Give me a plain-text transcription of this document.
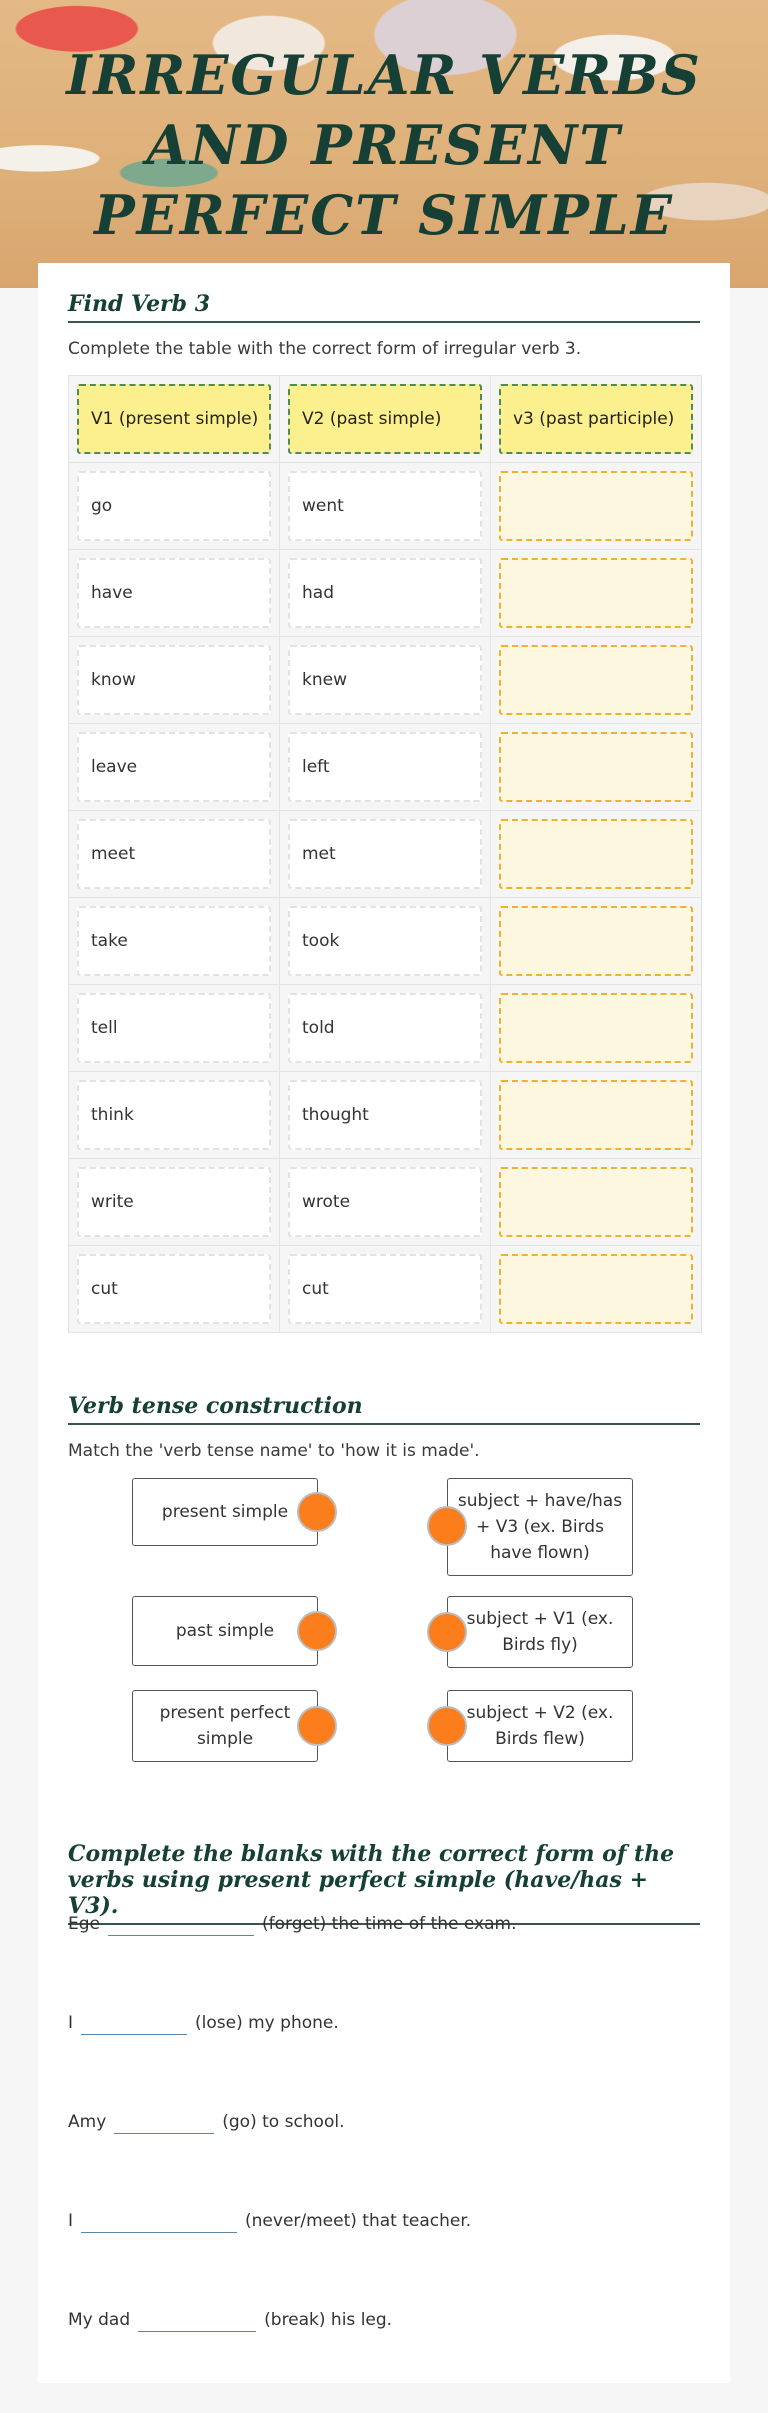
IRREGULAR VERBS AND PRESENT PERFECT SIMPLE
Find Verb 3
Complete the table with the correct form of irregular verb 3.
V1 (present simple)	V2 (past simple)	v3 (past participle)
go	went
have	had
know	knew
leave	left
meet	met
take	took
tell	told
think	thought
write	wrote
cut	cut
Verb tense construction
Match the 'verb tense name' to 'how it is made'.
present simple
subject + have/has + V3 (ex. Birds have flown)
past simple
subject + V1 (ex. Birds fly)
present perfect simple
subject + V2 (ex. Birds flew)
Complete the blanks with the correct form of the verbs using present perfect simple (have/has + V3).
Ege	(forget) the time of the exam.
I	(lose) my phone.
Amy	(go) to school.
I	(never/meet) that teacher.
My dad	(break) his leg.
